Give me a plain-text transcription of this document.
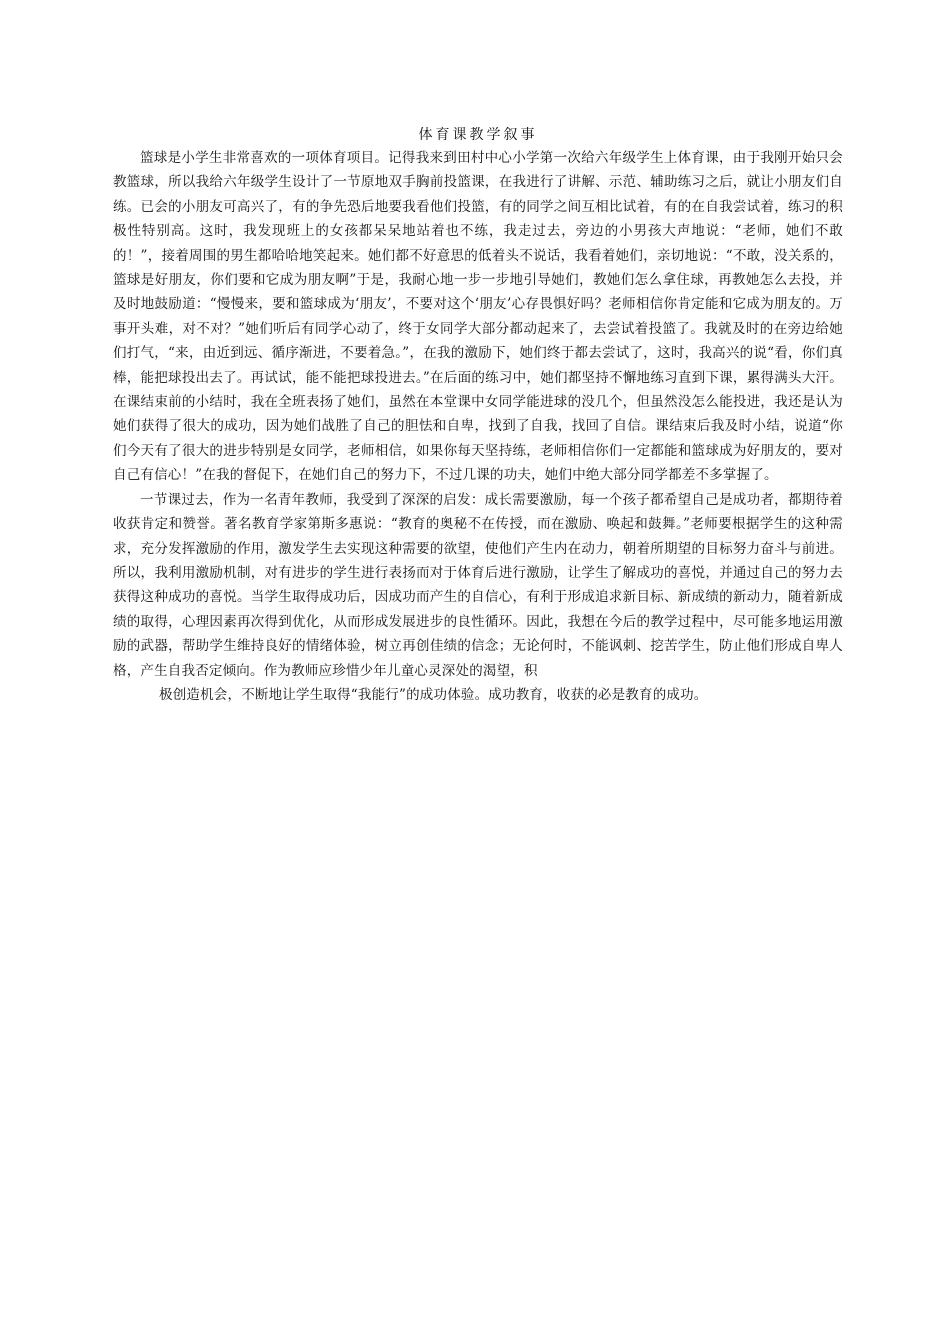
体育课教学叙事

篮球是小学生非常喜欢的一项体育项目。记得我来到田村中心小学第一次给六年级学生上体育课，由于我刚开始只会教篮球，所以我给六年级学生设计了一节原地双手胸前投篮课，在我进行了讲解、示范、辅助练习之后，就让小朋友们自练。已会的小朋友可高兴了，有的争先恐后地要我看他们投篮，有的同学之间互相比试着，有的在自我尝试着，练习的积极性特别高。这时，我发现班上的女孩都呆呆地站着也不练，我走过去，旁边的小男孩大声地说：“老师，她们不敢的！”，接着周围的男生都哈哈地笑起来。她们都不好意思的低着头不说话，我看着她们，亲切地说：“不敢，没关系的，篮球是好朋友，你们要和它成为朋友啊”于是，我耐心地一步一步地引导她们，教她们怎么拿住球，再教她怎么去投，并及时地鼓励道：“慢慢来，要和篮球成为‘朋友’，不要对这个‘朋友’心存畏惧好吗？老师相信你肯定能和它成为朋友的。万事开头难，对不对？”她们听后有同学心动了，终于女同学大部分都动起来了，去尝试着投篮了。我就及时的在旁边给她们打气，“来，由近到远、循序渐进，不要着急。”，在我的激励下，她们终于都去尝试了，这时，我高兴的说“看，你们真棒，能把球投出去了。再试试，能不能把球投进去。”在后面的练习中，她们都坚持不懈地练习直到下课，累得满头大汗。在课结束前的小结时，我在全班表扬了她们，虽然在本堂课中女同学能进球的没几个，但虽然没怎么能投进，我还是认为她们获得了很大的成功，因为她们战胜了自己的胆怯和自卑，找到了自我，找回了自信。课结束后我及时小结，说道“你们今天有了很大的进步特别是女同学，老师相信，如果你每天坚持练，老师相信你们一定都能和篮球成为好朋友的，要对自己有信心！”在我的督促下，在她们自己的努力下，不过几课的功夫，她们中绝大部分同学都差不多掌握了。

一节课过去，作为一名青年教师，我受到了深深的启发：成长需要激励，每一个孩子都希望自己是成功者，都期待着收获肯定和赞誉。著名教育学家第斯多惠说：“教育的奥秘不在传授，而在激励、唤起和鼓舞。”老师要根据学生的这种需求，充分发挥激励的作用，激发学生去实现这种需要的欲望，使他们产生内在动力，朝着所期望的目标努力奋斗与前进。所以，我利用激励机制，对有进步的学生进行表扬而对于体育后进行激励，让学生了解成功的喜悦，并通过自己的努力去获得这种成功的喜悦。当学生取得成功后，因成功而产生的自信心，有利于形成追求新目标、新成绩的新动力，随着新成绩的取得，心理因素再次得到优化，从而形成发展进步的良性循环。因此，我想在今后的教学过程中，尽可能多地运用激励的武器，帮助学生维持良好的情绪体验，树立再创佳绩的信念；无论何时，不能讽刺、挖苦学生，防止他们形成自卑人格，产生自我否定倾向。作为教师应珍惜少年儿童心灵深处的渴望，积

极创造机会，不断地让学生取得“我能行”的成功体验。成功教育，收获的必是教育的成功。
